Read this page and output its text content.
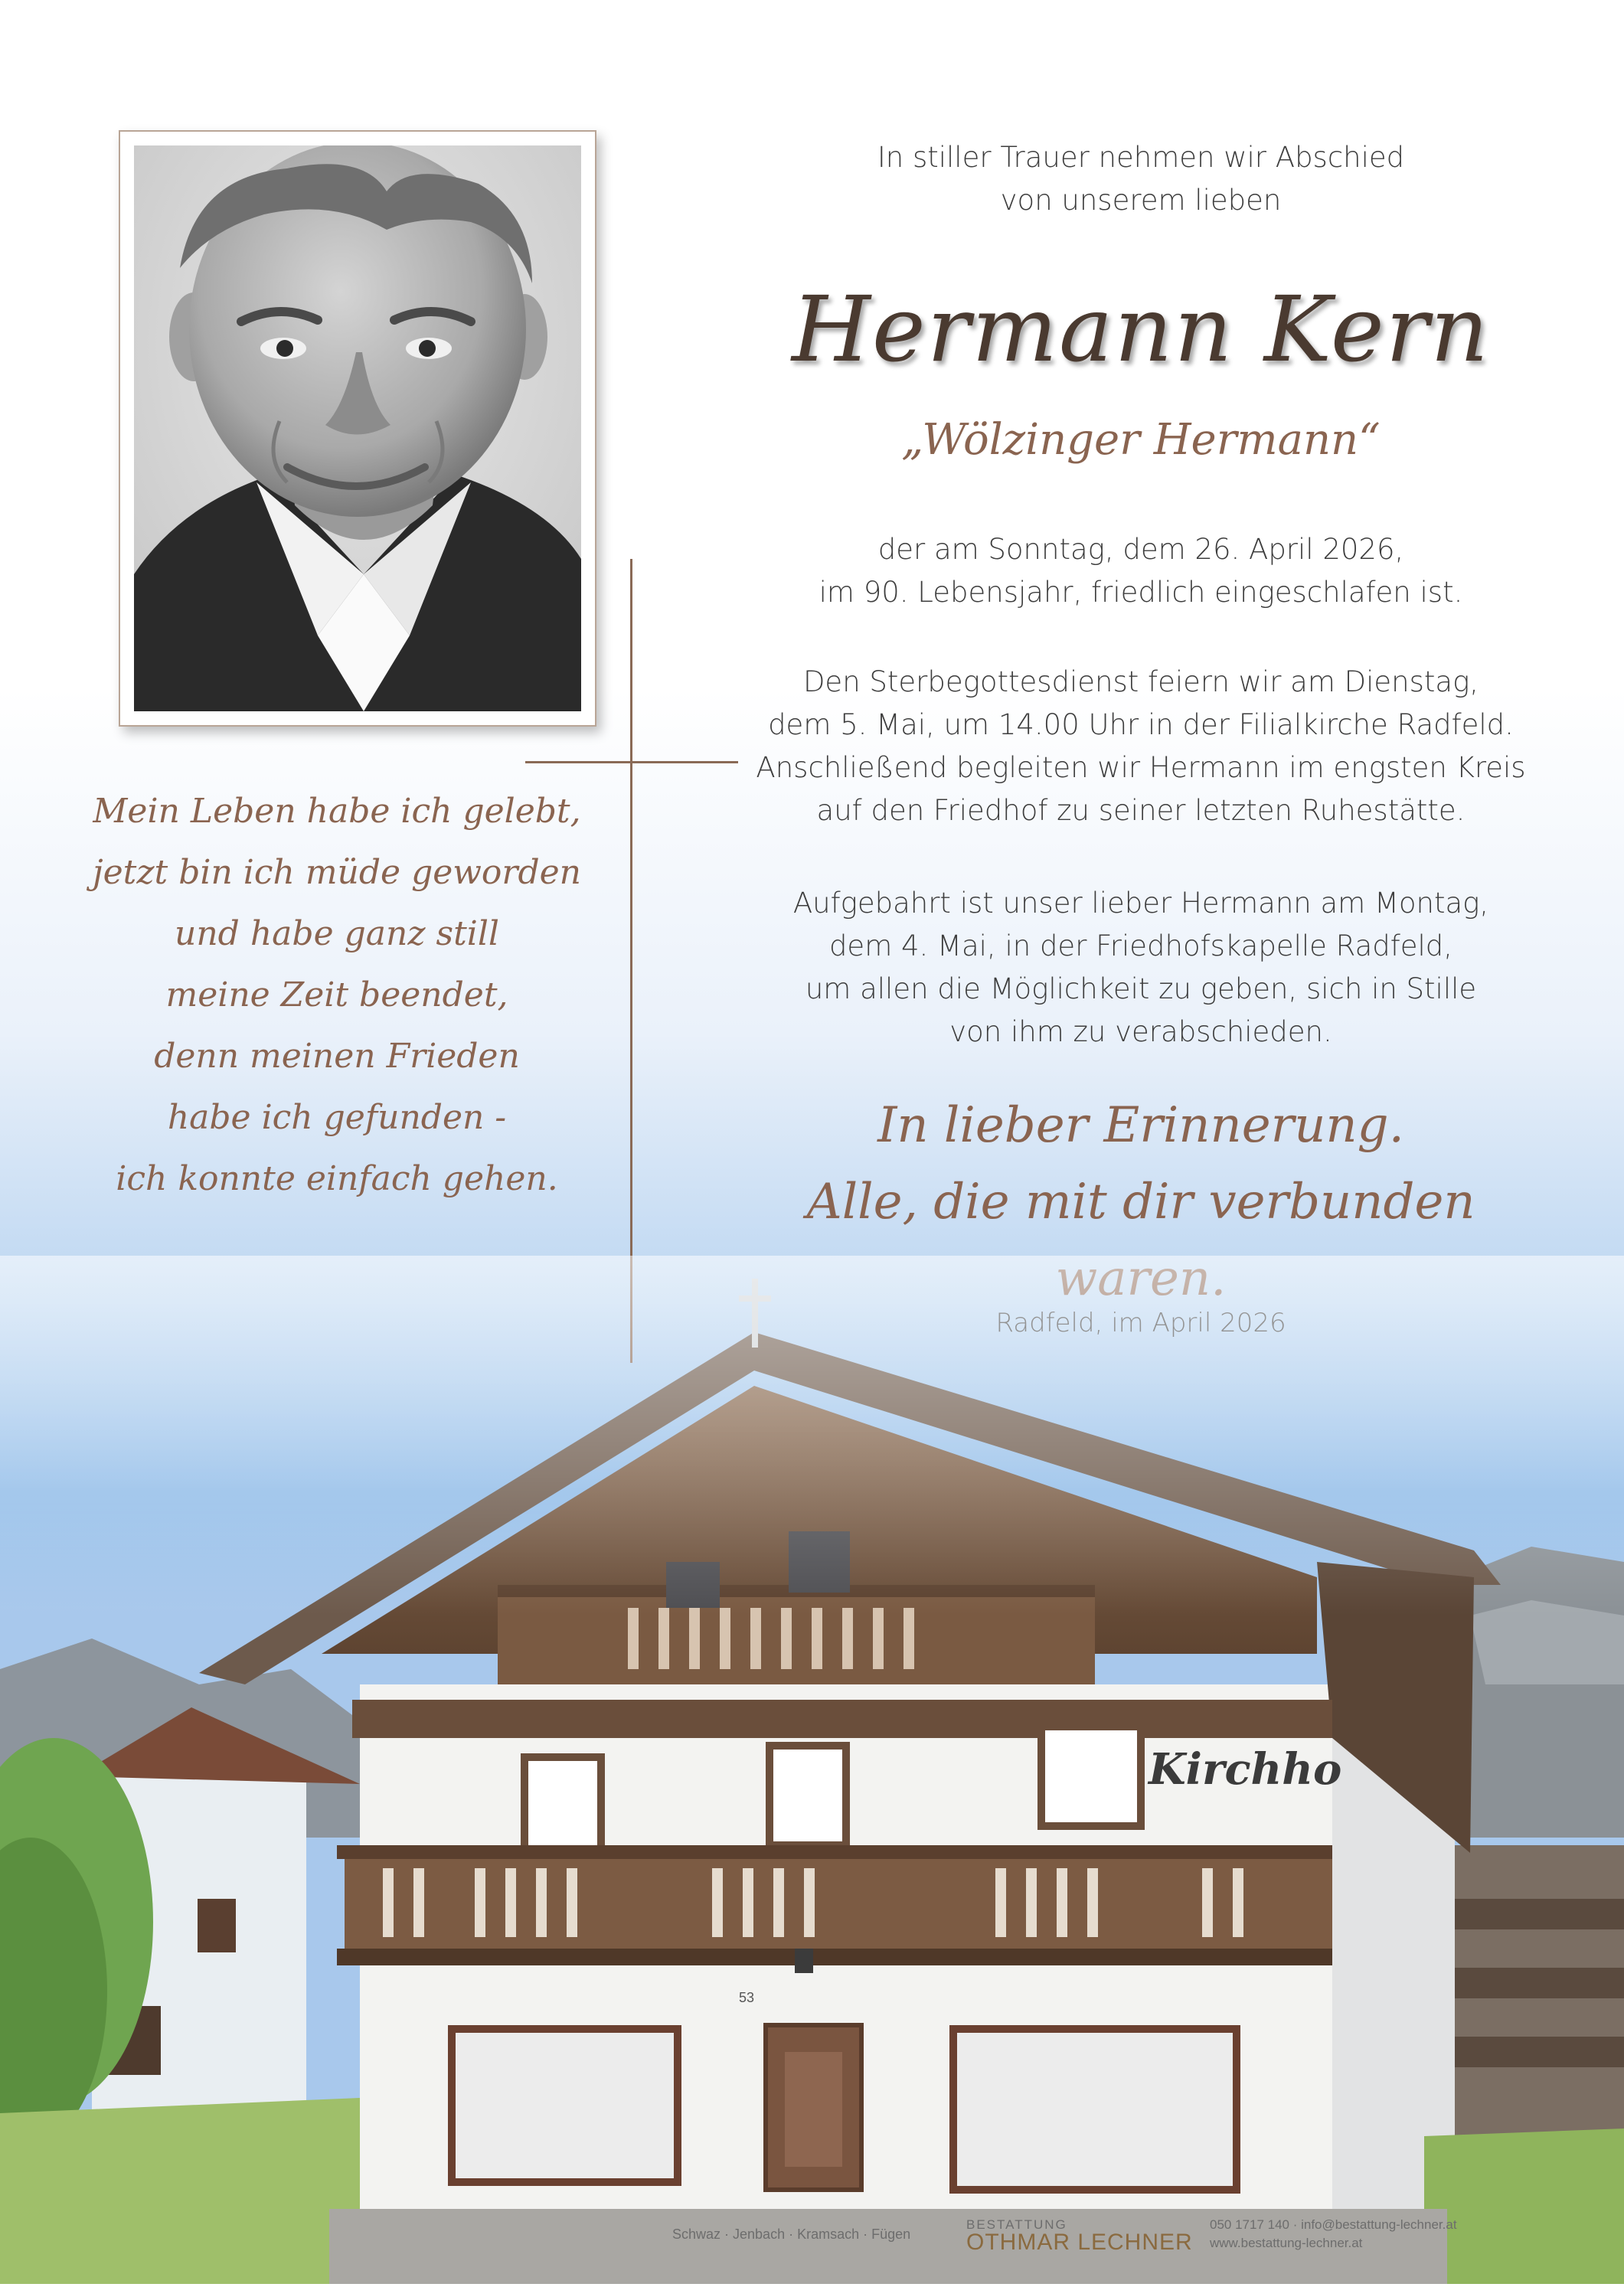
Mein Leben habe ich gelebt,
jetzt bin ich müde geworden
und habe ganz still
meine Zeit beendet,
denn meinen Frieden
habe ich gefunden -
ich konnte einfach gehen.
In stiller Trauer nehmen wir Abschied
von unserem lieben
Hermann Kern
„Wölzinger Hermann“
der am Sonntag, dem 26. April 2026,
im 90. Lebensjahr, friedlich eingeschlafen ist.
Den Sterbegottesdienst feiern wir am Dienstag,
dem 5. Mai, um 14.00 Uhr in der Filialkirche Radfeld.
Anschließend begleiten wir Hermann im engsten Kreis
auf den Friedhof zu seiner letzten Ruhestätte.
Aufgebahrt ist unser lieber Hermann am Montag,
dem 4. Mai, in der Friedhofskapelle Radfeld,
um allen die Möglichkeit zu geben, sich in Stille
von ihm zu verabschieden.
In lieber Erinnerung.
Alle, die mit dir verbunden
Schwaz · Jenbach · Kramsach · Fügen
BESTATTUNG
OTHMAR LECHNER
050 1717 140 · info@bestattung-lechner.at
www.bestattung-lechner.at
